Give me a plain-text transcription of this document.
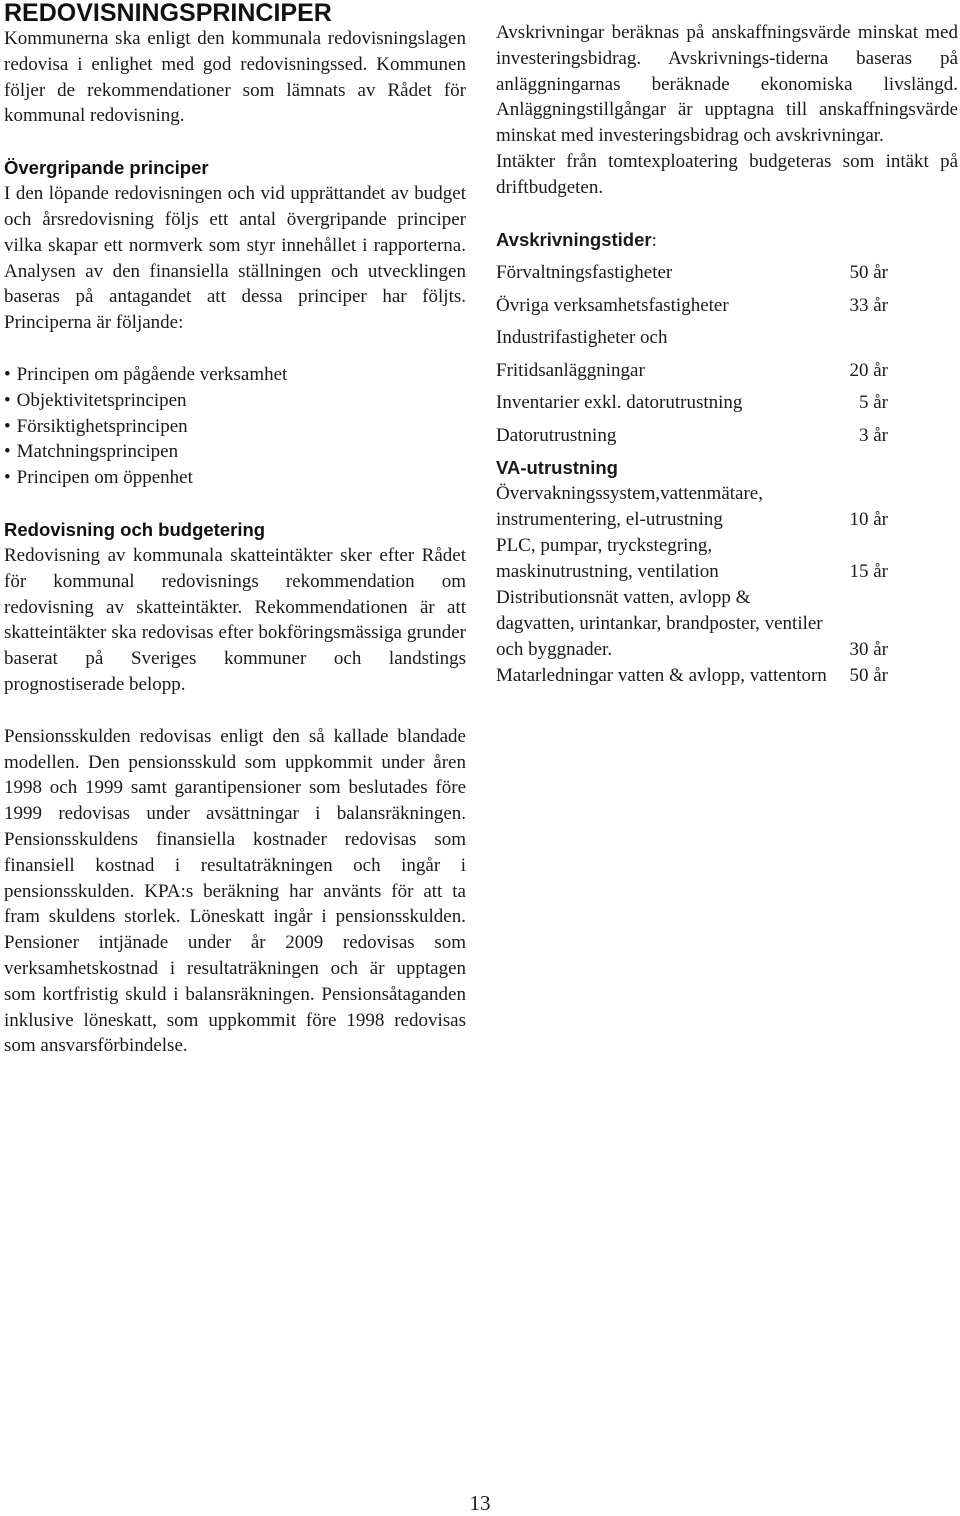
REDOVISNINGSPRINCIPER

Kommunerna ska enligt den kommunala redovisningslagen redovisa i enlighet med god redovisningssed. Kommunen följer de rekommendationer som lämnats av Rådet för kommunal redovisning.

Övergripande principer

I den löpande redovisningen och vid upprättandet av budget och årsredovisning följs ett antal övergripande principer vilka skapar ett normverk som styr innehållet i rapporterna. Analysen av den finansiella ställningen och utvecklingen baseras på antagandet att dessa principer har följts. Principerna är följande:

• Principen om pågående verksamhet
• Objektivitetsprincipen
• Försiktighetsprincipen
• Matchningsprincipen
• Principen om öppenhet
Redovisning och budgetering

Redovisning av kommunala skatteintäkter sker efter Rådet för kommunal redovisnings rekommendation om redovisning av skatteintäkter. Rekommendationen är att skatteintäkter ska redovisas efter bokföringsmässiga grunder baserat på Sveriges kommuner och landstings prognostiserade belopp.

Pensionsskulden redovisas enligt den så kallade blandade modellen. Den pensionsskuld som uppkommit under åren 1998 och 1999 samt garantipensioner som beslutades före 1999 redovisas under avsättningar i balansräkningen. Pensionsskuldens finansiella kostnader redovisas som finansiell kostnad i resultaträkningen och ingår i pensionsskulden. KPA:s beräkning har använts för att ta fram skuldens storlek. Löneskatt ingår i pensionsskulden. Pensioner intjänade under år 2009 redovisas som verksamhetskostnad i resultaträkningen och är upptagen som kortfristig skuld i balansräkningen. Pensionsåtaganden inklusive löneskatt, som uppkommit före 1998 redovisas som ansvarsförbindelse.

Avskrivningar beräknas på anskaffningsvärde minskat med investeringsbidrag. Avskrivnings-tiderna baseras på anläggningarnas beräknade ekonomiska livslängd. Anläggningstillgångar är upptagna till anskaffningsvärde minskat med investeringsbidrag och avskrivningar.

Intäkter från tomtexploatering budgeteras som intäkt på driftbudgeten.

Avskrivningstider:
Förvaltningsfastigheter	50 år
Övriga verksamhetsfastigheter	33 år
Industrifastigheter och	
Fritidsanläggningar	20 år
Inventarier exkl. datorutrustning	5 år
Datorutrustning	3 år
VA-utrustning	
Övervakningssystem,vattenmätare, instrumentering, el-utrustning	10 år
PLC, pumpar, tryckstegring, maskinutrustning, ventilation	15 år
Distributionsnät vatten, avlopp & dagvatten, urintankar, brandposter, ventiler och byggnader.	30 år
Matarledningar vatten & avlopp, vattentorn	50 år
13
